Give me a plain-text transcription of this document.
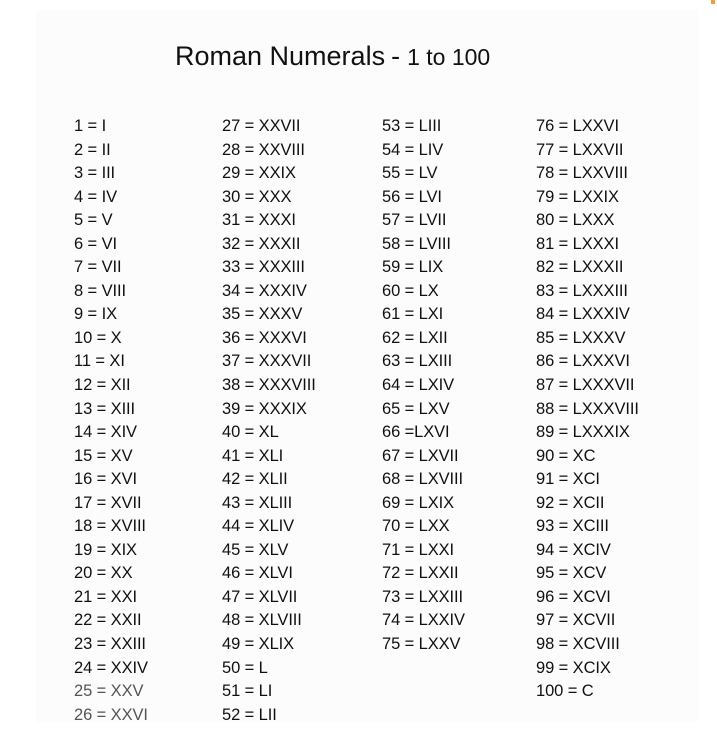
Roman Numerals - 1 to 100
1 = I
2 = II
3 = III
4 = IV
5 = V
6 = VI
7 = VII
8 = VIII
9 = IX
10 = X
11 = XI
12 = XII
13 = XIII
14 = XIV
15 = XV
16 = XVI
17 = XVII
18 = XVIII
19 = XIX
20 = XX
21 = XXI
22 = XXII
23 = XXIII
24 = XXIV
25 = XXV
26 = XXVI
27 = XXVII
28 = XXVIII
29 = XXIX
30 = XXX
31 = XXXI
32 = XXXII
33 = XXXIII
34 = XXXIV
35 = XXXV
36 = XXXVI
37 = XXXVII
38 = XXXVIII
39 = XXXIX
40 = XL
41 = XLI
42 = XLII
43 = XLIII
44 = XLIV
45 = XLV
46 = XLVI
47 = XLVII
48 = XLVIII
49 = XLIX
50 = L
51 = LI
52 = LII
53 = LIII
54 = LIV
55 = LV
56 = LVI
57 = LVII
58 = LVIII
59 = LIX
60 = LX
61 = LXI
62 = LXII
63 = LXIII
64 = LXIV
65 = LXV
66 =LXVI
67 = LXVII
68 = LXVIII
69 = LXIX
70 = LXX
71 = LXXI
72 = LXXII
73 = LXXIII
74 = LXXIV
75 = LXXV
76 = LXXVI
77 = LXXVII
78 = LXXVIII
79 = LXXIX
80 = LXXX
81 = LXXXI
82 = LXXXII
83 = LXXXIII
84 = LXXXIV
85 = LXXXV
86 = LXXXVI
87 = LXXXVII
88 = LXXXVIII
89 = LXXXIX
90 = XC
91 = XCI
92 = XCII
93 = XCIII
94 = XCIV
95 = XCV
96 = XCVI
97 = XCVII
98 = XCVIII
99 = XCIX
100 = C
